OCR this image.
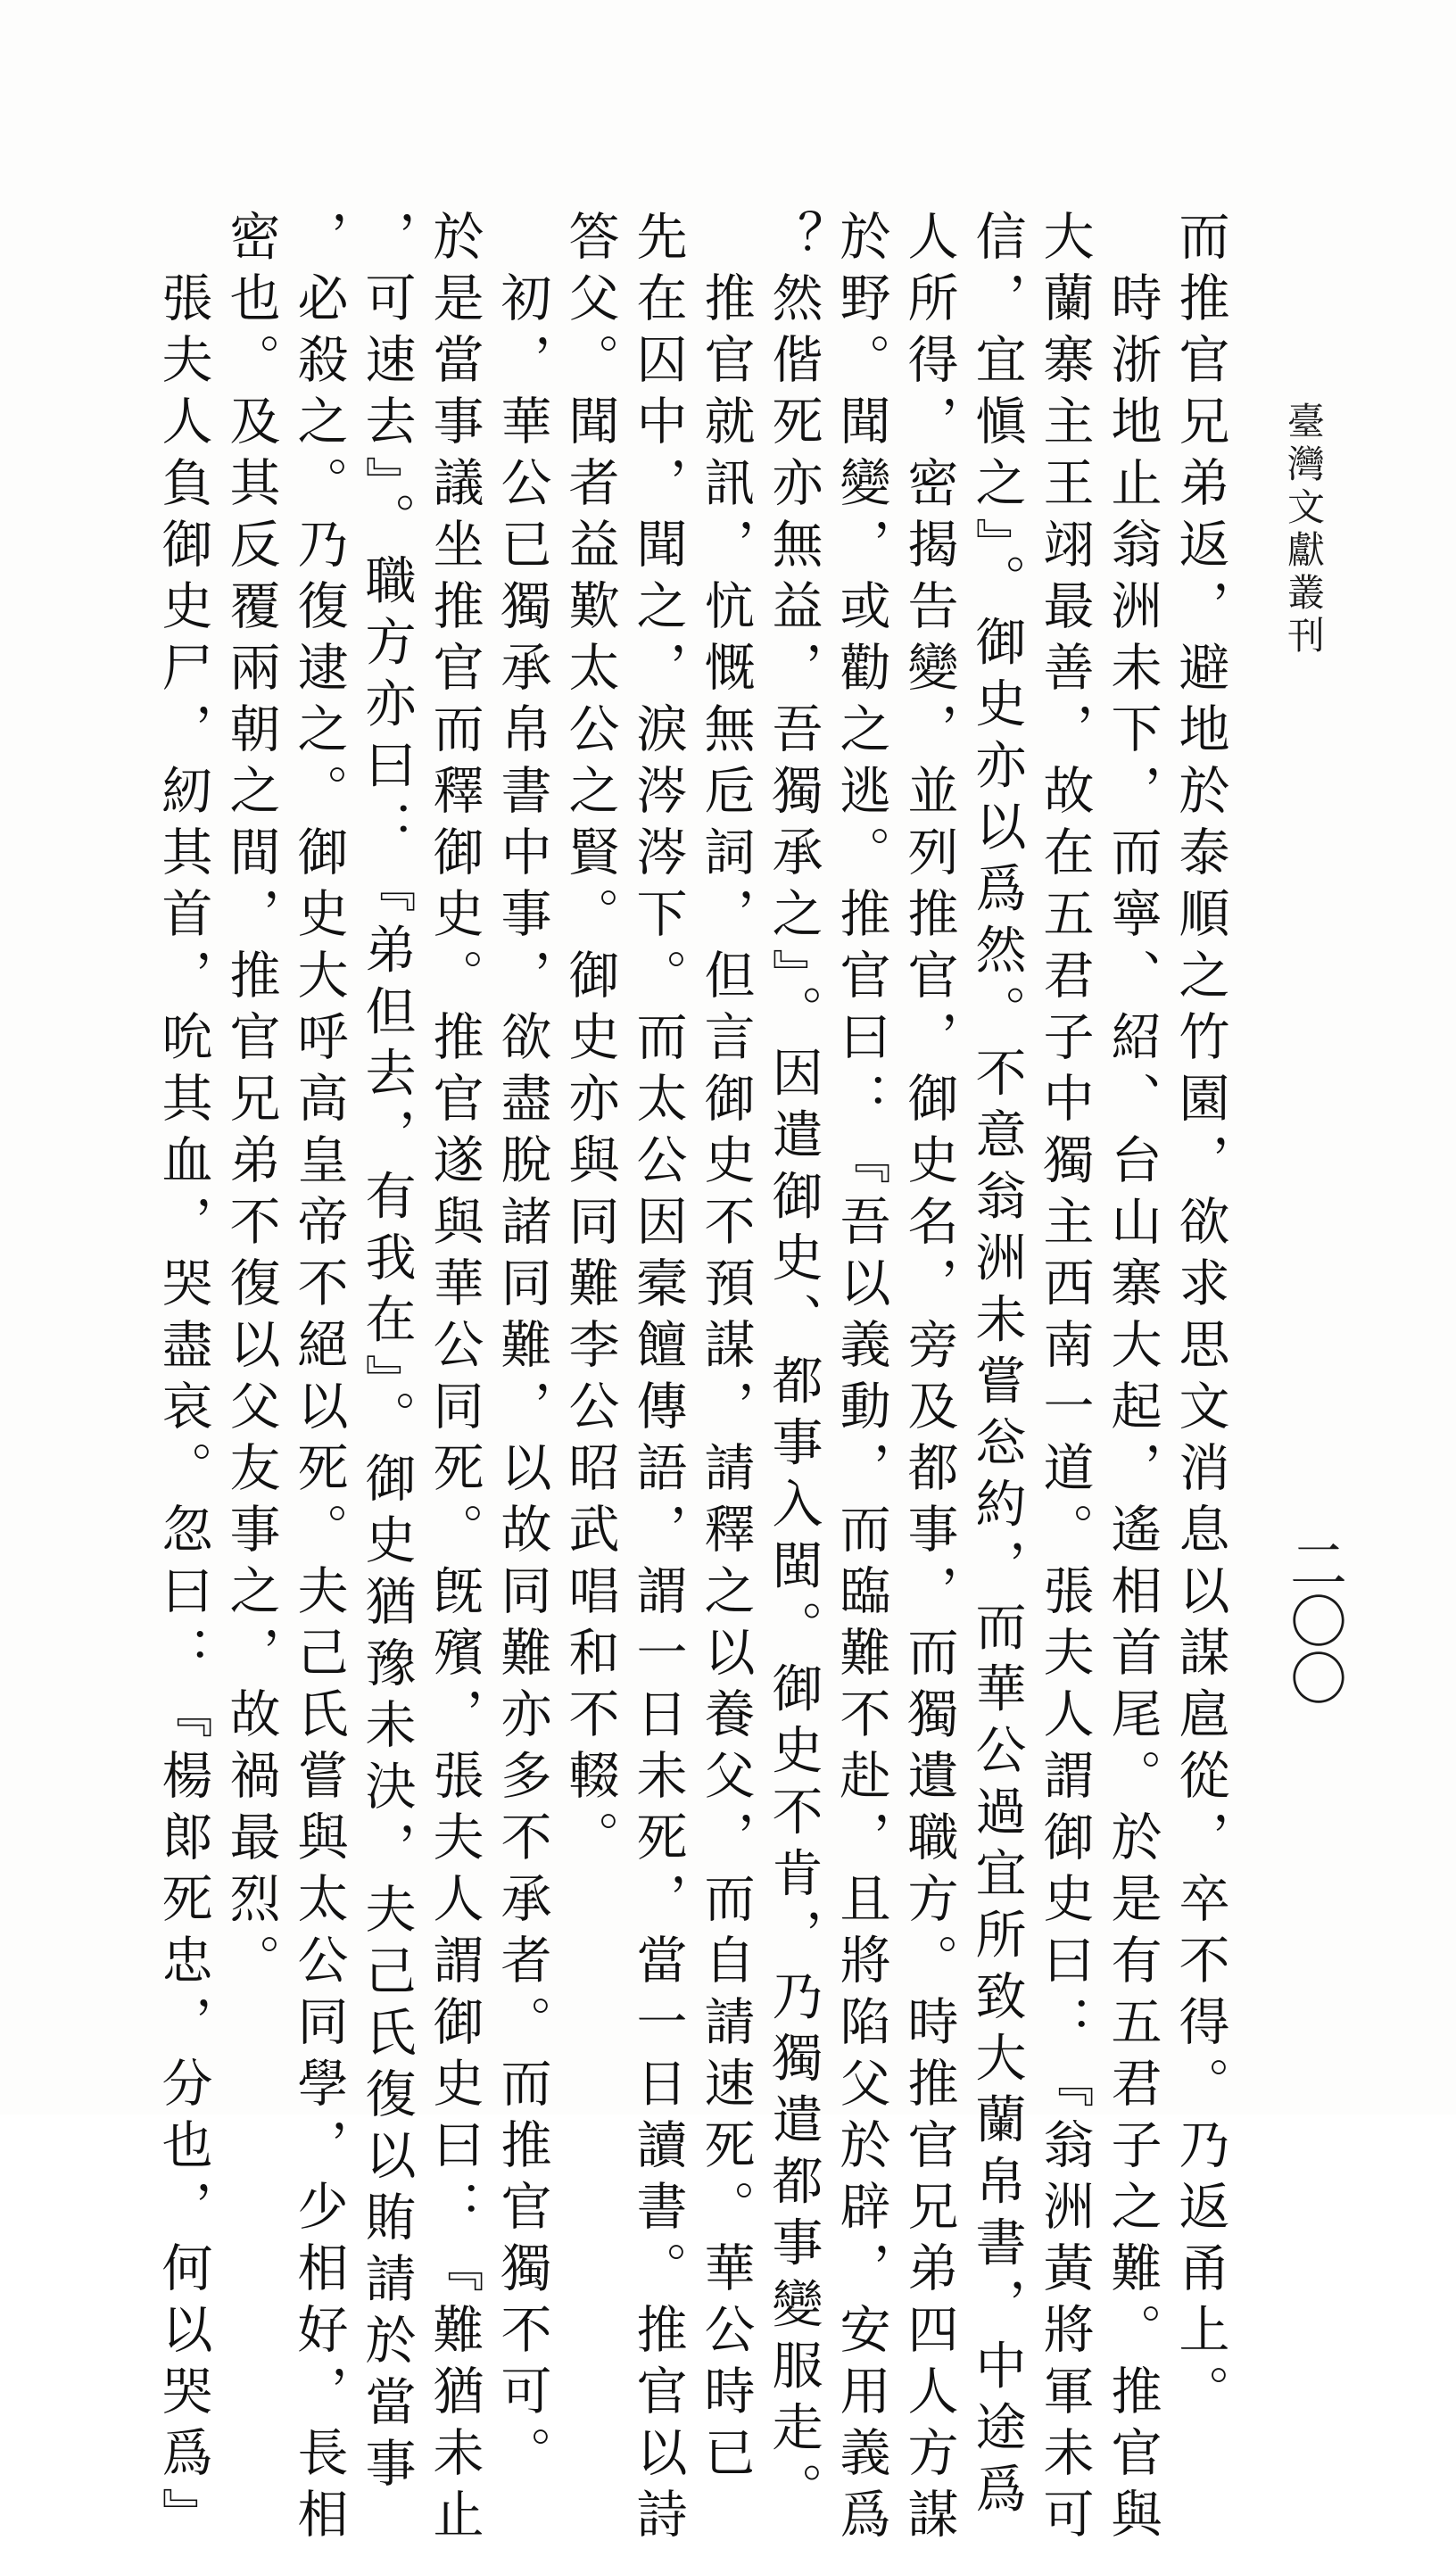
臺灣文獻叢刊
二〇〇
而推官兄弟返，避地於泰順之竹園，欲求思文消息以謀扈從，卒不得。乃返甬上。
　時浙地止翁洲未下，而寧、紹、台山寨大起，遙相首尾。於是有五君子之難。推官與
大蘭寨主王翊最善，故在五君子中獨主西南一道。張夫人謂御史曰：『翁洲黃將軍未可
信，宜愼之』。御史亦以爲然。不意翁洲未嘗忩約，而華公過宜所致大蘭帛書，中途爲
人所得，密揭告變，並列推官，御史名，旁及都事，而獨遺職方。時推官兄弟四人方謀
於野。聞變，或勸之逃。推官曰：『吾以義動，而臨難不赴，且將陷父於辟，安用義爲
？然偕死亦無益，吾獨承之』。因遣御史、都事入閩。御史不肯，乃獨遣都事變服走。
　推官就訊，忼慨無卮詞，但言御史不預謀，請釋之以養父，而自請速死。華公時已
先在囚中，聞之，淚涔涔下。而太公因槖饘傳語，謂一日未死，當一日讀書。推官以詩
答父。聞者益歎太公之賢。御史亦與同難李公昭武唱和不輟。
　初，華公已獨承帛書中事，欲盡脫諸同難，以故同難亦多不承者。而推官獨不可。
於是當事議坐推官而釋御史。推官遂與華公同死。旣殯，張夫人謂御史曰：『難猶未止
，可速去』。職方亦曰：『弟但去，有我在』。御史猶豫未決，夫己氏復以賄請於當事
，必殺之。乃復逮之。御史大呼高皇帝不絕以死。夫己氏嘗與太公同學，少相好，長相
密也。及其反覆兩朝之間，推官兄弟不復以父友事之，故禍最烈。
　張夫人負御史尸，紉其首，吮其血，哭盡哀。忽曰：『楊郞死忠，分也，何以哭爲』
